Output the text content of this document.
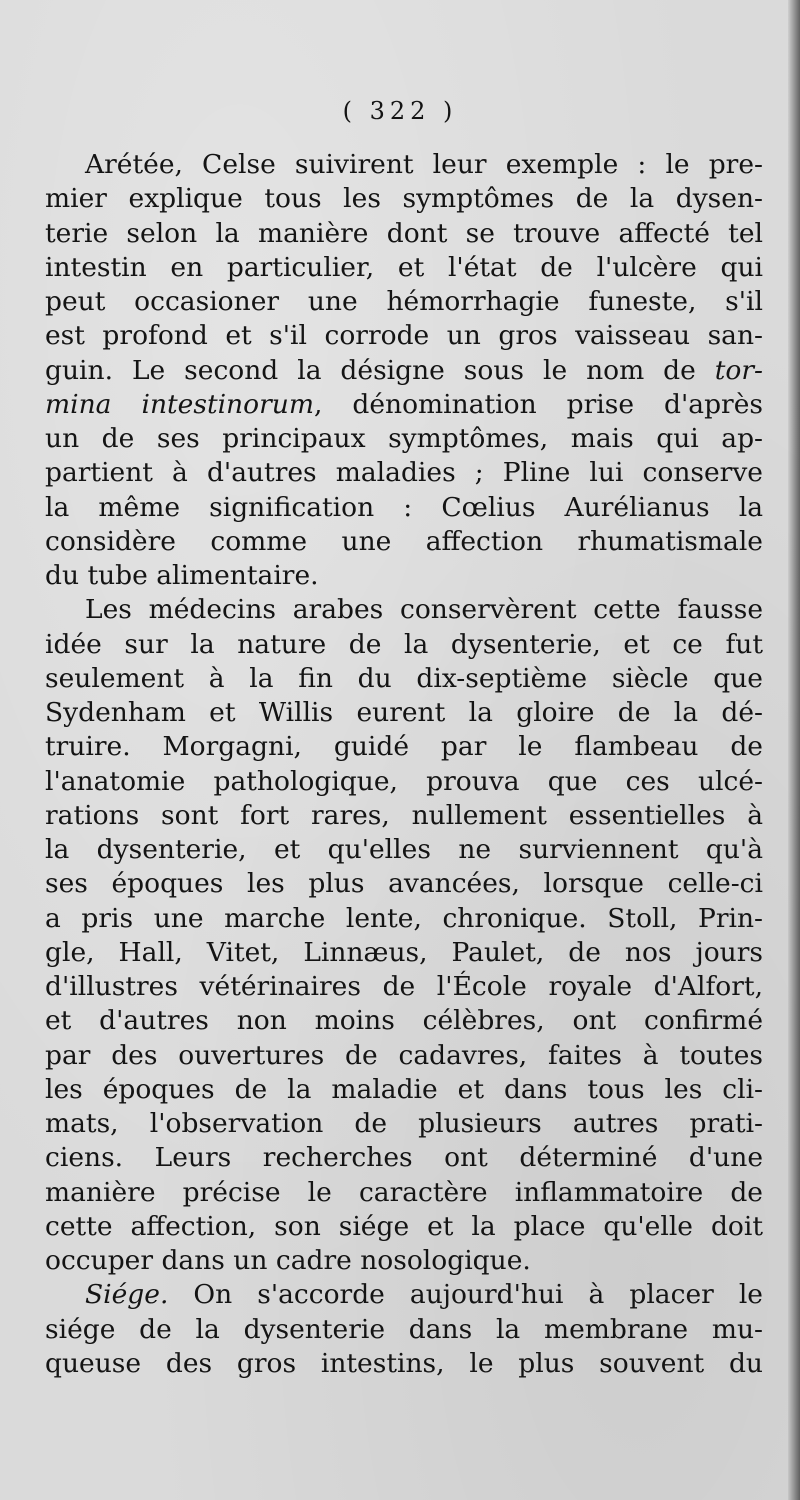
( 322 )
Arétée, Celse suivirent leur exemple : le pre-
mier explique tous les symptômes de la dysen-
terie selon la manière dont se trouve affecté tel
intestin en particulier, et l'état de l'ulcère qui
peut occasioner une hémorrhagie funeste, s'il
est profond et s'il corrode un gros vaisseau san-
guin. Le second la désigne sous le nom de tor-
mina intestinorum, dénomination prise d'après
un de ses principaux symptômes, mais qui ap-
partient à d'autres maladies ; Pline lui conserve
la même signification : Cœlius Aurélianus la
considère comme une affection rhumatismale
du tube alimentaire.
Les médecins arabes conservèrent cette fausse
idée sur la nature de la dysenterie, et ce fut
seulement à la fin du dix-septième siècle que
Sydenham et Willis eurent la gloire de la dé-
truire. Morgagni, guidé par le flambeau de
l'anatomie pathologique, prouva que ces ulcé-
rations sont fort rares, nullement essentielles à
la dysenterie, et qu'elles ne surviennent qu'à
ses époques les plus avancées, lorsque celle-ci
a pris une marche lente, chronique. Stoll, Prin-
gle, Hall, Vitet, Linnæus, Paulet, de nos jours
d'illustres vétérinaires de l'École royale d'Alfort,
et d'autres non moins célèbres, ont confirmé
par des ouvertures de cadavres, faites à toutes
les époques de la maladie et dans tous les cli-
mats, l'observation de plusieurs autres prati-
ciens. Leurs recherches ont déterminé d'une
manière précise le caractère inflammatoire de
cette affection, son siége et la place qu'elle doit
occuper dans un cadre nosologique.
Siége. On s'accorde aujourd'hui à placer le
siége de la dysenterie dans la membrane mu-
queuse des gros intestins, le plus souvent du
